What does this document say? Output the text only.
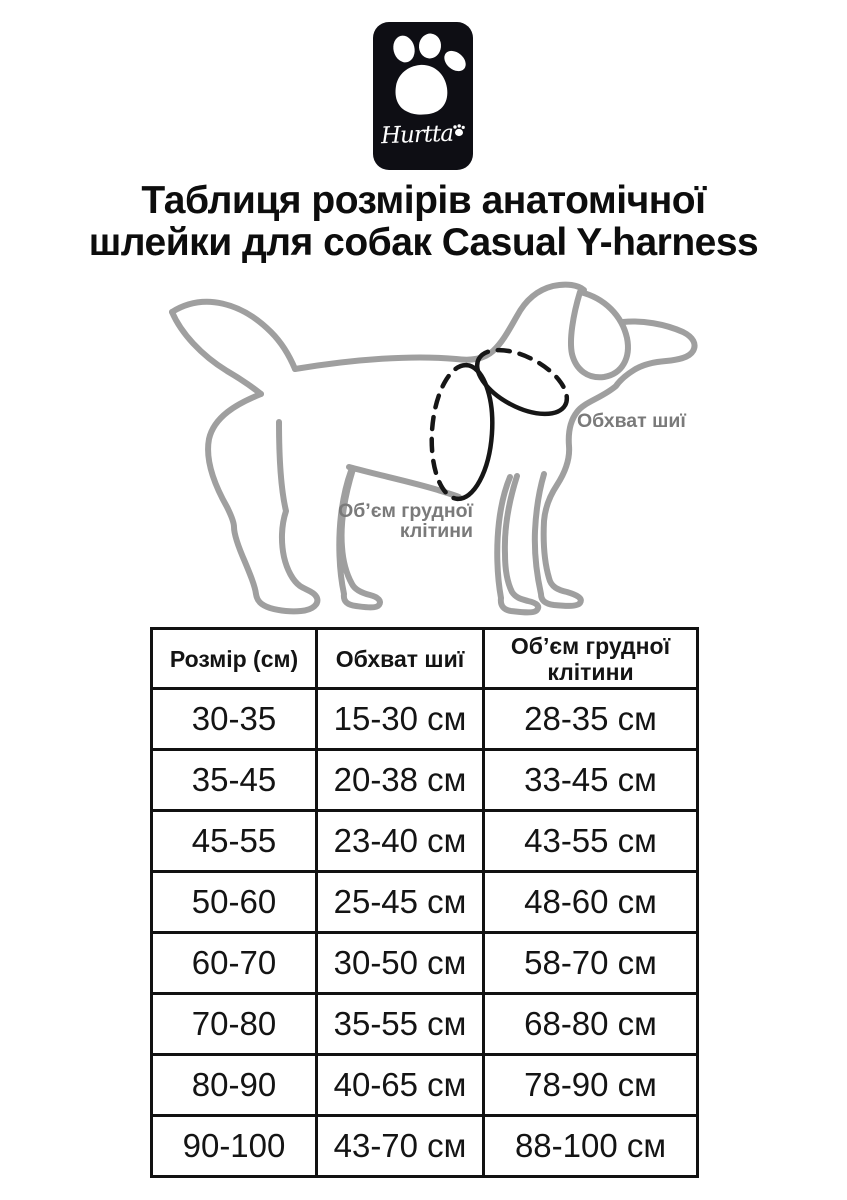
Hurtta
Таблиця розмірів анатомічної
шлейки для собак Casual Y-harness
Обхват шиї
Об’єм грудної
клітини
Розмір (см)	Обхват шиї	Об’єм грудної клітини
30-35	15-30 см	28-35 см
35-45	20-38 см	33-45 см
45-55	23-40 см	43-55 см
50-60	25-45 см	48-60 см
60-70	30-50 см	58-70 см
70-80	35-55 см	68-80 см
80-90	40-65 см	78-90 см
90-100	43-70 см	88-100 см
